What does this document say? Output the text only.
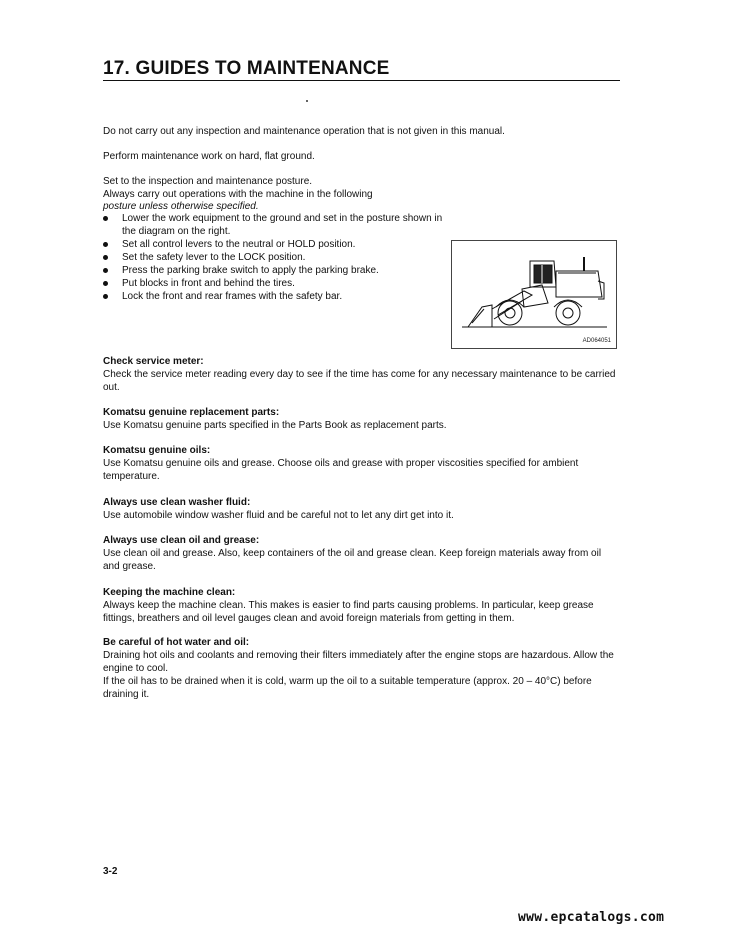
17. GUIDES TO MAINTENANCE
Do not carry out any inspection and maintenance operation that is not given in this manual.
Perform maintenance work on hard, flat ground.
Set to the inspection and maintenance posture.
Always carry out operations with the machine in the following
posture unless otherwise specified.
Lower the work equipment to the ground and set in the posture shown in the diagram on the right.
Set all control levers to the neutral or HOLD position.
Set the safety lever to the LOCK position.
Press the parking brake switch to apply the parking brake.
Put blocks in front and behind the tires.
Lock the front and rear frames with the safety bar.
AD064051
Check service meter:

Check the service meter reading every day to see if the time has come for any necessary maintenance to be carried out.

Komatsu genuine replacement parts:

Use Komatsu genuine parts specified in the Parts Book as replacement parts.

Komatsu genuine oils:

Use Komatsu genuine oils and grease. Choose oils and grease with proper viscosities specified for ambient temperature.

Always use clean washer fluid:

Use automobile window washer fluid and be careful not to let any dirt get into it.

Always use clean oil and grease:

Use clean oil and grease. Also, keep containers of the oil and grease clean. Keep foreign materials away from oil and grease.

Keeping the machine clean:

Always keep the machine clean. This makes is easier to find parts causing problems. In particular, keep grease fittings, breathers and oil level gauges clean and avoid foreign materials from getting in them.

Be careful of hot water and oil:

Draining hot oils and coolants and removing their filters immediately after the engine stops are hazardous. Allow the engine to cool.

If the oil has to be drained when it is cold, warm up the oil to a suitable temperature (approx. 20 – 40°C) before draining it.

3-2
www.epcatalogs.com
